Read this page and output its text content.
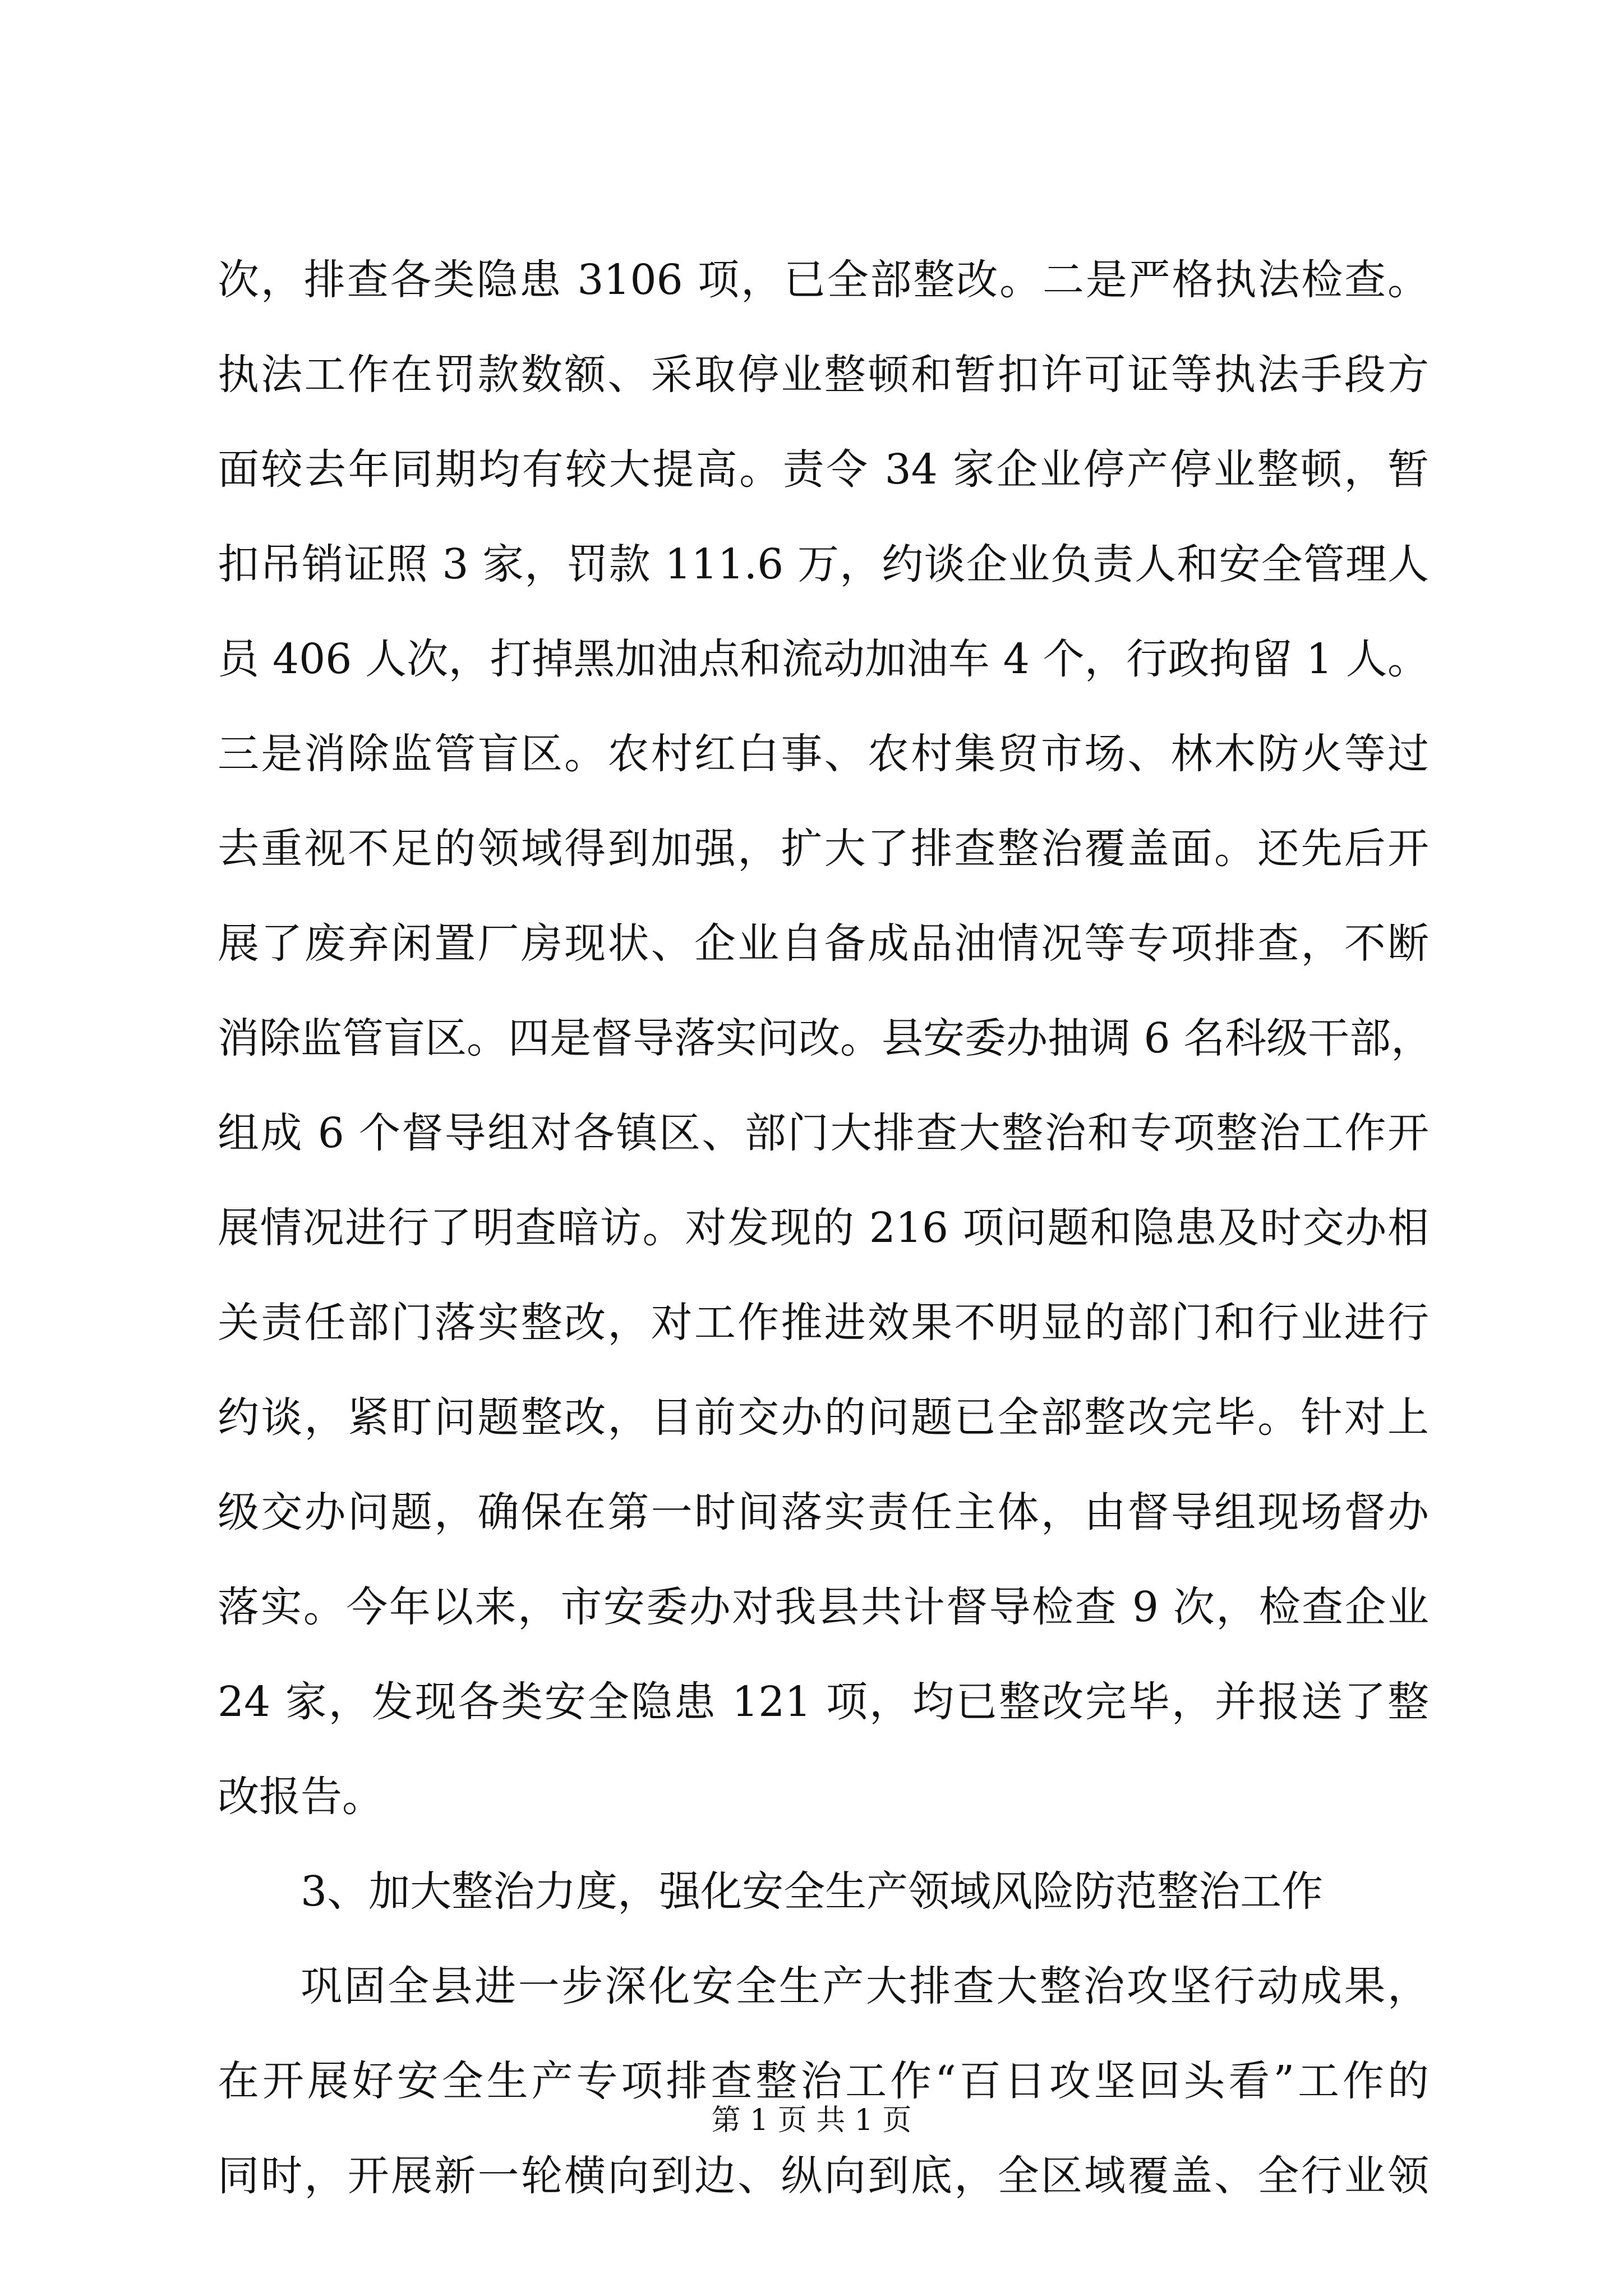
次，排查各类隐患 3106 项，已全部整改。二是严格执法检查。
执法工作在罚款数额、采取停业整顿和暂扣许可证等执法手段方
面较去年同期均有较大提高。责令 34 家企业停产停业整顿，暂
扣吊销证照 3 家，罚款 111.6 万，约谈企业负责人和安全管理人
员 406 人次，打掉黑加油点和流动加油车 4 个，行政拘留 1 人。
三是消除监管盲区。农村红白事、农村集贸市场、林木防火等过
去重视不足的领域得到加强，扩大了排查整治覆盖面。还先后开
展了废弃闲置厂房现状、企业自备成品油情况等专项排查，不断
消除监管盲区。四是督导落实问改。县安委办抽调 6 名科级干部，
组成 6 个督导组对各镇区、部门大排查大整治和专项整治工作开
展情况进行了明查暗访。对发现的 216 项问题和隐患及时交办相
关责任部门落实整改，对工作推进效果不明显的部门和行业进行
约谈，紧盯问题整改，目前交办的问题已全部整改完毕。针对上
级交办问题，确保在第一时间落实责任主体，由督导组现场督办
落实。今年以来，市安委办对我县共计督导检查 9 次，检查企业
24 家，发现各类安全隐患 121 项，均已整改完毕，并报送了整
改报告。
3、加大整治力度，强化安全生产领域风险防范整治工作
巩固全县进一步深化安全生产大排查大整治攻坚行动成果，
在开展好安全生产专项排查整治工作“百日攻坚回头看”工作的
同时，开展新一轮横向到边、纵向到底，全区域覆盖、全行业领
第 1 页 共 1 页
